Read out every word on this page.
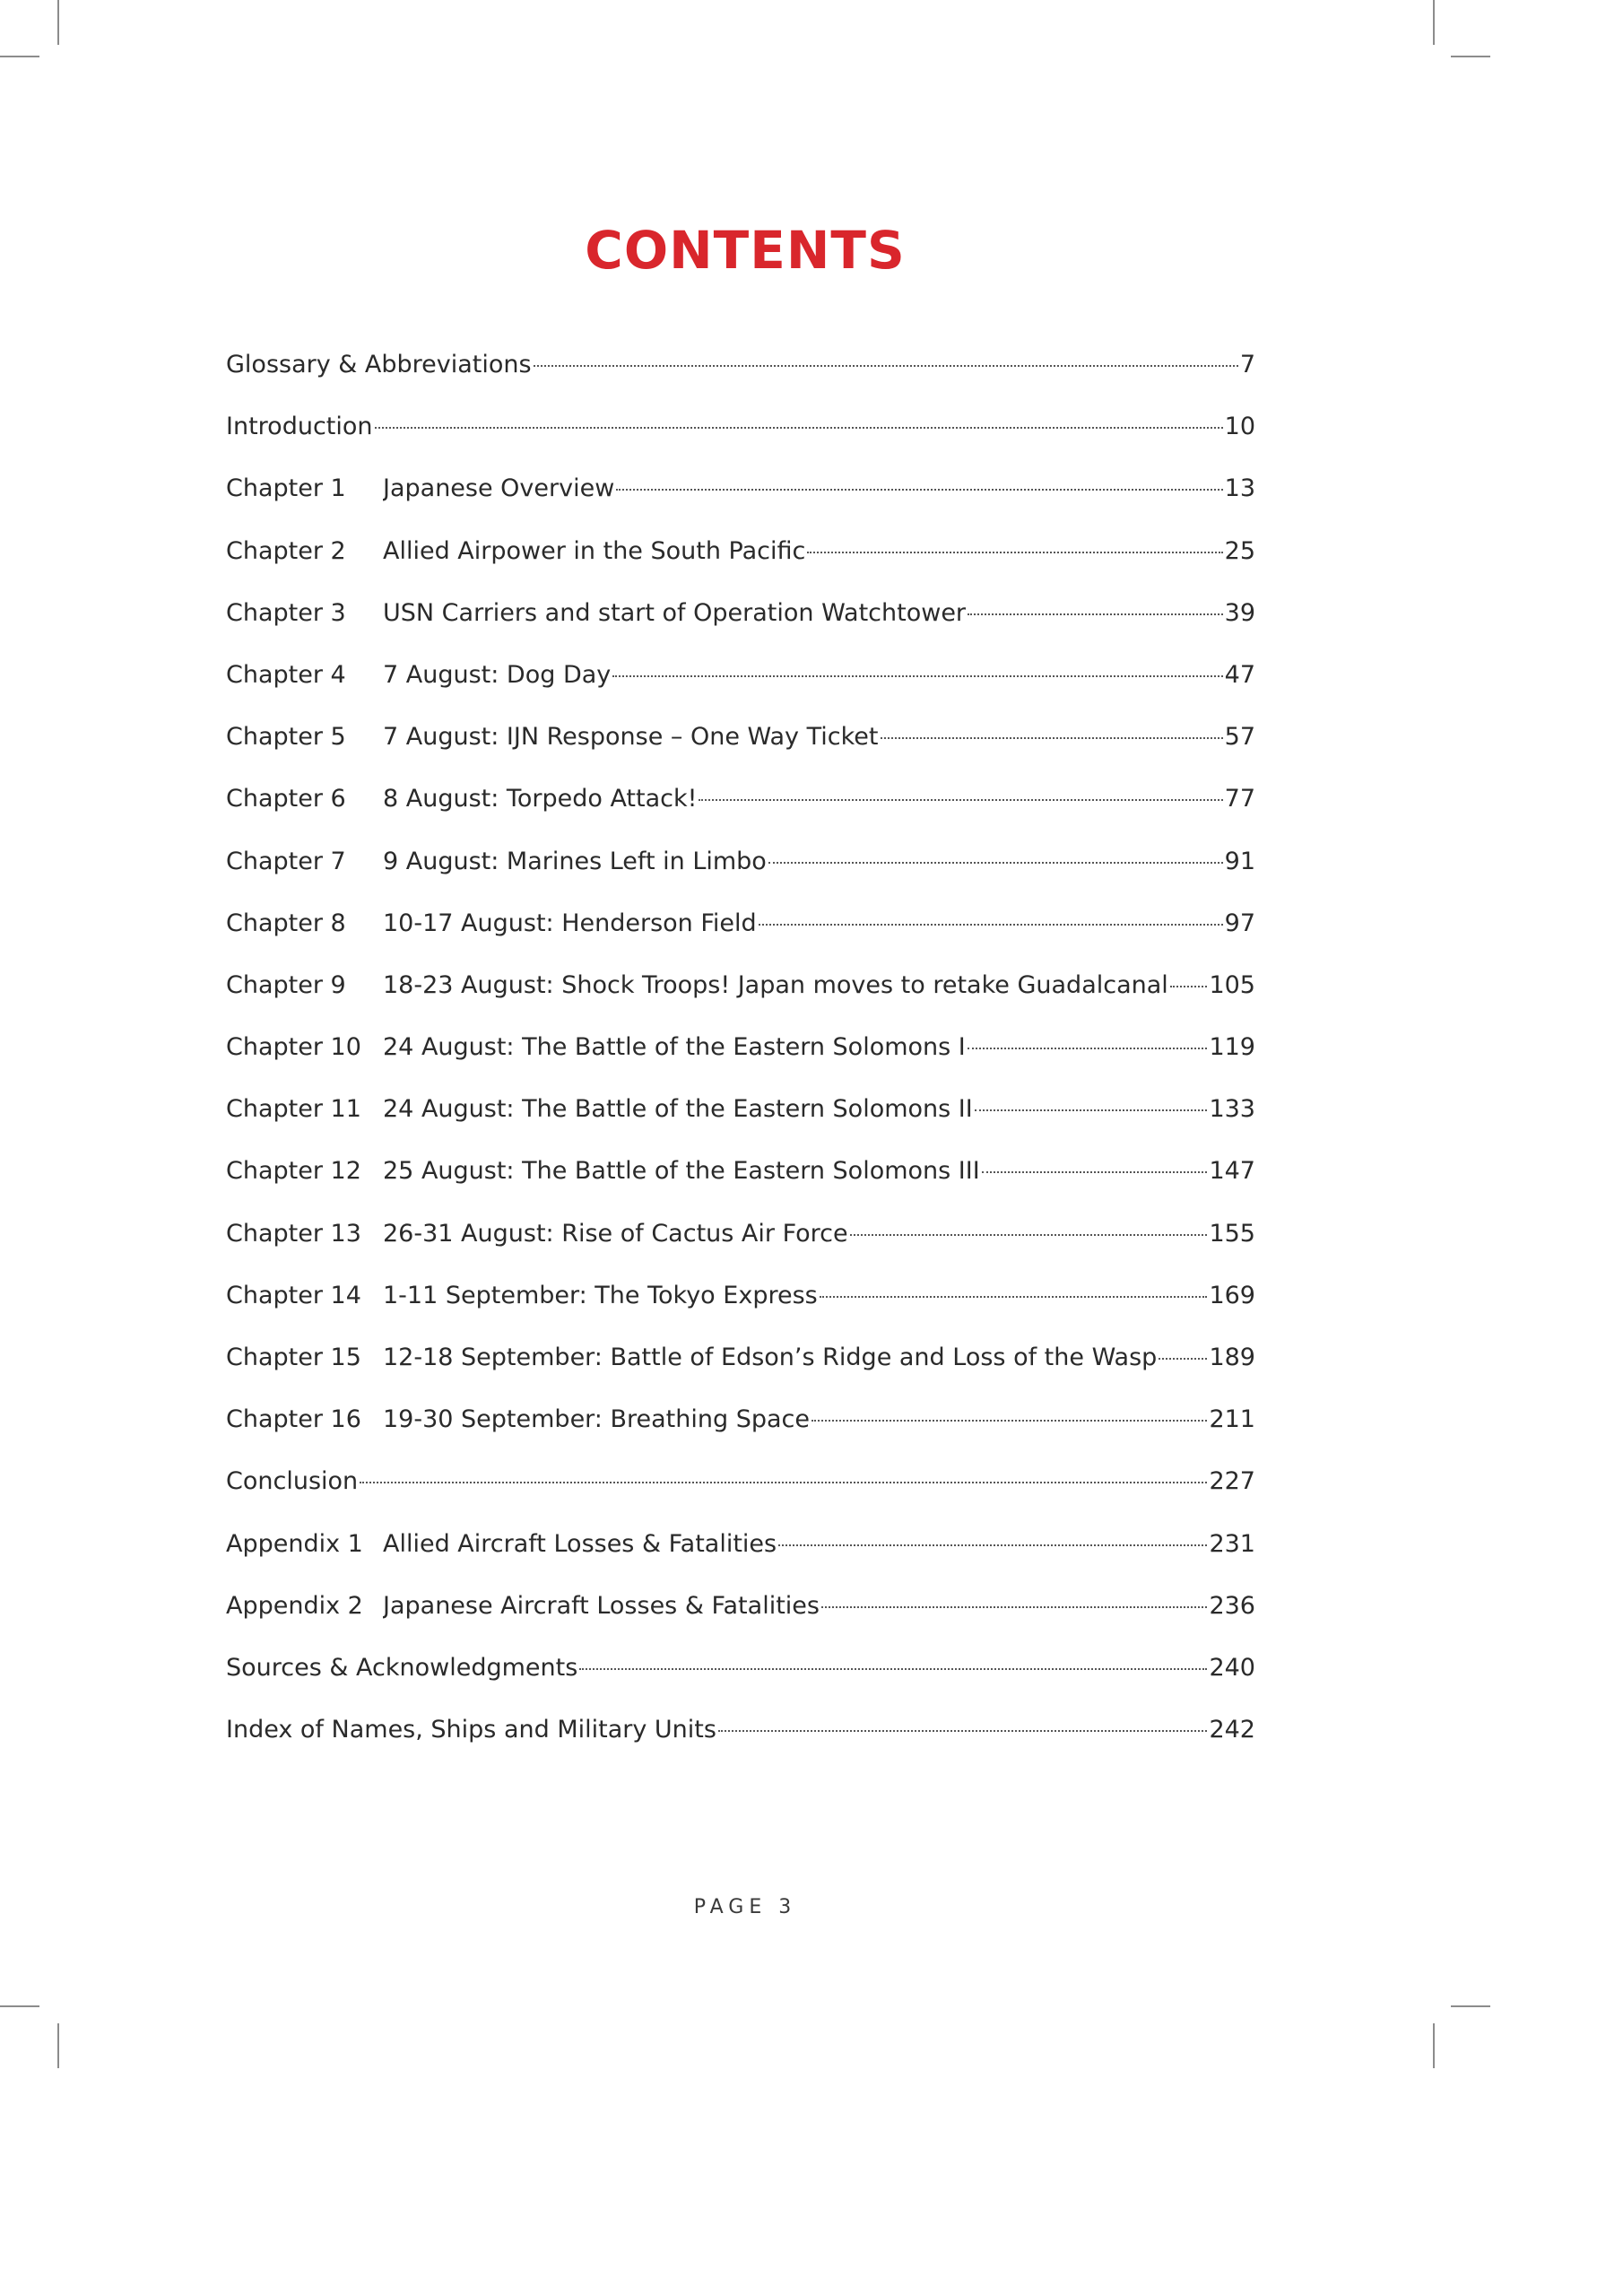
CONTENTS
Glossary & Abbreviations	7
Introduction	10
Chapter 1	Japanese Overview	13
Chapter 2	Allied Airpower in the South Pacific	25
Chapter 3	USN Carriers and start of Operation Watchtower	39
Chapter 4	7 August: Dog Day	47
Chapter 5	7 August: IJN Response – One Way Ticket	57
Chapter 6	8 August: Torpedo Attack!	77
Chapter 7	9 August: Marines Left in Limbo	91
Chapter 8	10-17 August: Henderson Field	97
Chapter 9	18-23 August: Shock Troops! Japan moves to retake Guadalcanal 105
Chapter 10 24 August: The Battle of the Eastern Solomons I	119
Chapter 11 24 August: The Battle of the Eastern Solomons II	133
Chapter 12 25 August: The Battle of the Eastern Solomons III	147
Chapter 13 26-31 August: Rise of Cactus Air Force	155
Chapter 14 1-11 September: The Tokyo Express	169
Chapter 15 12-18 September: Battle of Edson’s Ridge and Loss of the Wasp 189
Chapter 16 19-30 September: Breathing Space	211
Conclusion	227
Appendix 1 Allied Aircraft Losses & Fatalities	231
Appendix 2 Japanese Aircraft Losses & Fatalities	236
Sources & Acknowledgments	240
Index of Names, Ships and Military Units	242
PAGE 3
